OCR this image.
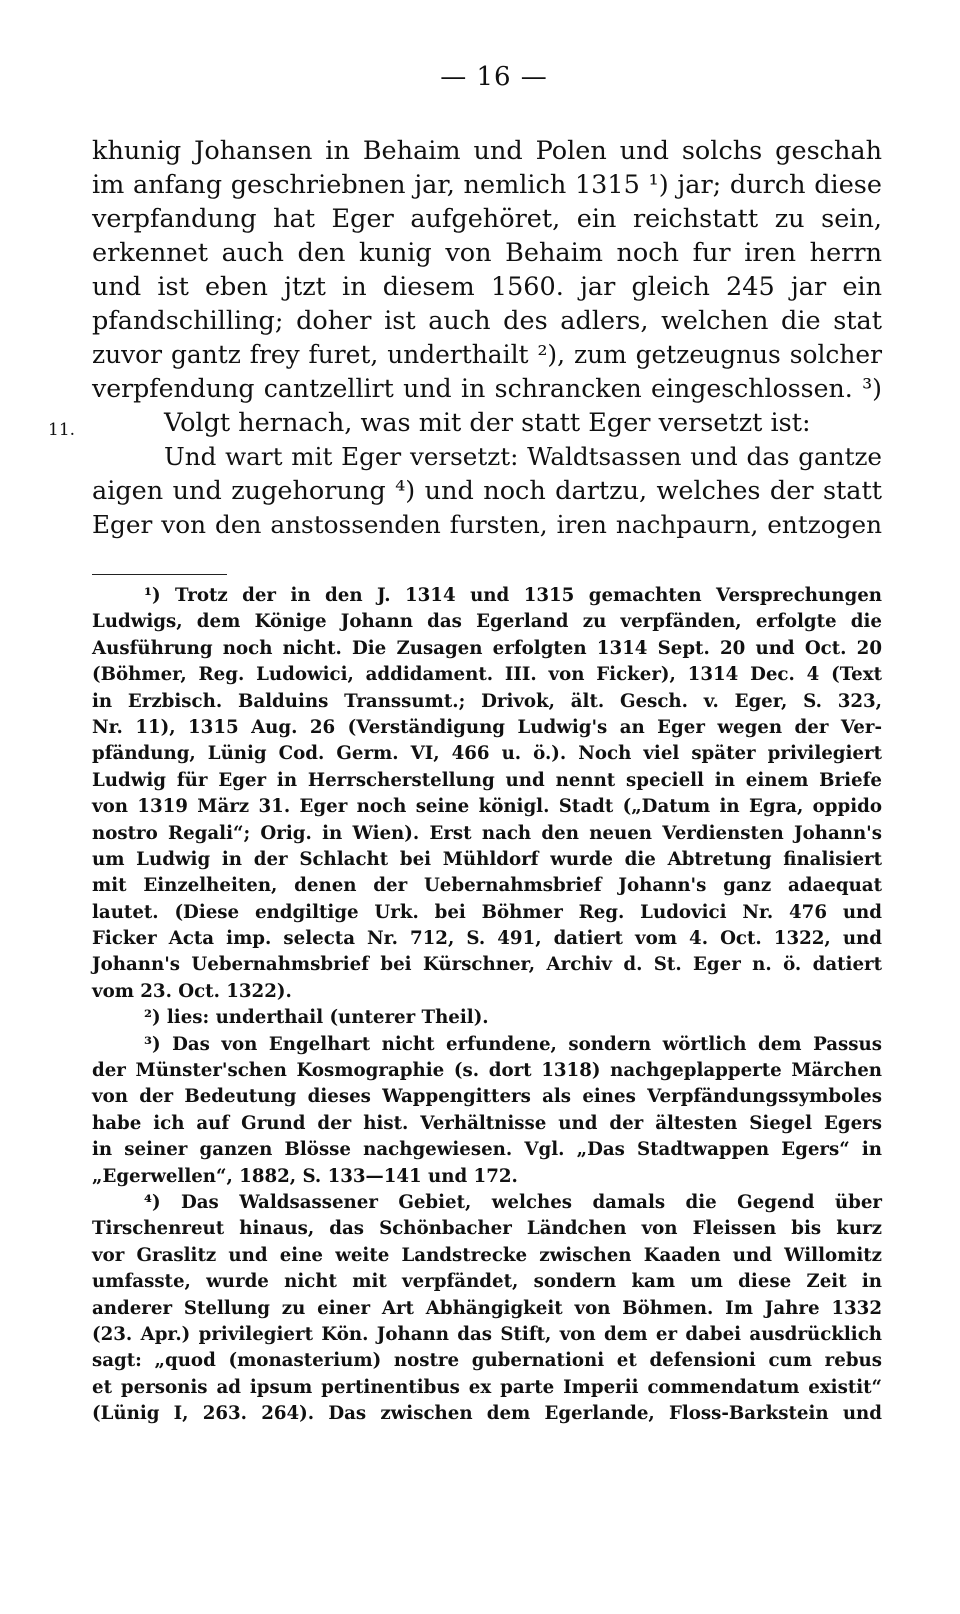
— 16 —
11.
khunig Johansen in Behaim und Polen und solchs geschah
im anfang geschriebnen jar, nemlich 1315 ¹) jar; durch diese
verpfandung hat Eger aufgehöret, ein reichstatt zu sein,
erkennet auch den kunig von Behaim noch fur iren herrn
und ist eben jtzt in diesem 1560. jar gleich 245 jar ein
pfandschilling; doher ist auch des adlers, welchen die stat
zuvor gantz frey furet, underthailt ²), zum getzeugnus solcher
verpfendung cantzellirt und in schrancken eingeschlossen. ³)
Volgt hernach, was mit der statt Eger versetzt ist:
Und wart mit Eger versetzt: Waldtsassen und das gantze
aigen und zugehorung ⁴) und noch dartzu, welches der statt
Eger von den anstossenden fursten, iren nachpaurn, entzogen
¹) Trotz der in den J. 1314 und 1315 gemachten Versprechungen
Ludwigs, dem Könige Johann das Egerland zu verpfänden, erfolgte die
Ausführung noch nicht. Die Zusagen erfolgten 1314 Sept. 20 und Oct. 20
(Böhmer, Reg. Ludowici, addidament. III. von Ficker), 1314 Dec. 4 (Text
in Erzbisch. Balduins Transsumt.; Drivok, ält. Gesch. v. Eger, S. 323,
Nr. 11), 1315 Aug. 26 (Verständigung Ludwig's an Eger wegen der Ver-
pfändung, Lünig Cod. Germ. VI, 466 u. ö.). Noch viel später privilegiert
Ludwig für Eger in Herrscherstellung und nennt speciell in einem Briefe
von 1319 März 31. Eger noch seine königl. Stadt („Datum in Egra, oppido
nostro Regali“; Orig. in Wien). Erst nach den neuen Verdiensten Johann's
um Ludwig in der Schlacht bei Mühldorf wurde die Abtretung finalisiert
mit Einzelheiten, denen der Uebernahmsbrief Johann's ganz adaequat
lautet. (Diese endgiltige Urk. bei Böhmer Reg. Ludovici Nr. 476 und
Ficker Acta imp. selecta Nr. 712, S. 491, datiert vom 4. Oct. 1322, und
Johann's Uebernahmsbrief bei Kürschner, Archiv d. St. Eger n. ö. datiert
vom 23. Oct. 1322).
²) lies: underthail (unterer Theil).
³) Das von Engelhart nicht erfundene, sondern wörtlich dem Passus
der Münster'schen Kosmographie (s. dort 1318) nachgeplapperte Märchen
von der Bedeutung dieses Wappengitters als eines Verpfändungssymboles
habe ich auf Grund der hist. Verhältnisse und der ältesten Siegel Egers
in seiner ganzen Blösse nachgewiesen. Vgl. „Das Stadtwappen Egers“ in
„Egerwellen“, 1882, S. 133—141 und 172.
⁴) Das Waldsassener Gebiet, welches damals die Gegend über
Tirschenreut hinaus, das Schönbacher Ländchen von Fleissen bis kurz
vor Graslitz und eine weite Landstrecke zwischen Kaaden und Willomitz
umfasste, wurde nicht mit verpfändet, sondern kam um diese Zeit in
anderer Stellung zu einer Art Abhängigkeit von Böhmen. Im Jahre 1332
(23. Apr.) privilegiert Kön. Johann das Stift, von dem er dabei ausdrücklich
sagt: „quod (monasterium) nostre gubernationi et defensioni cum rebus
et personis ad ipsum pertinentibus ex parte Imperii commendatum existit“
(Lünig I, 263. 264). Das zwischen dem Egerlande, Floss-Barkstein und
